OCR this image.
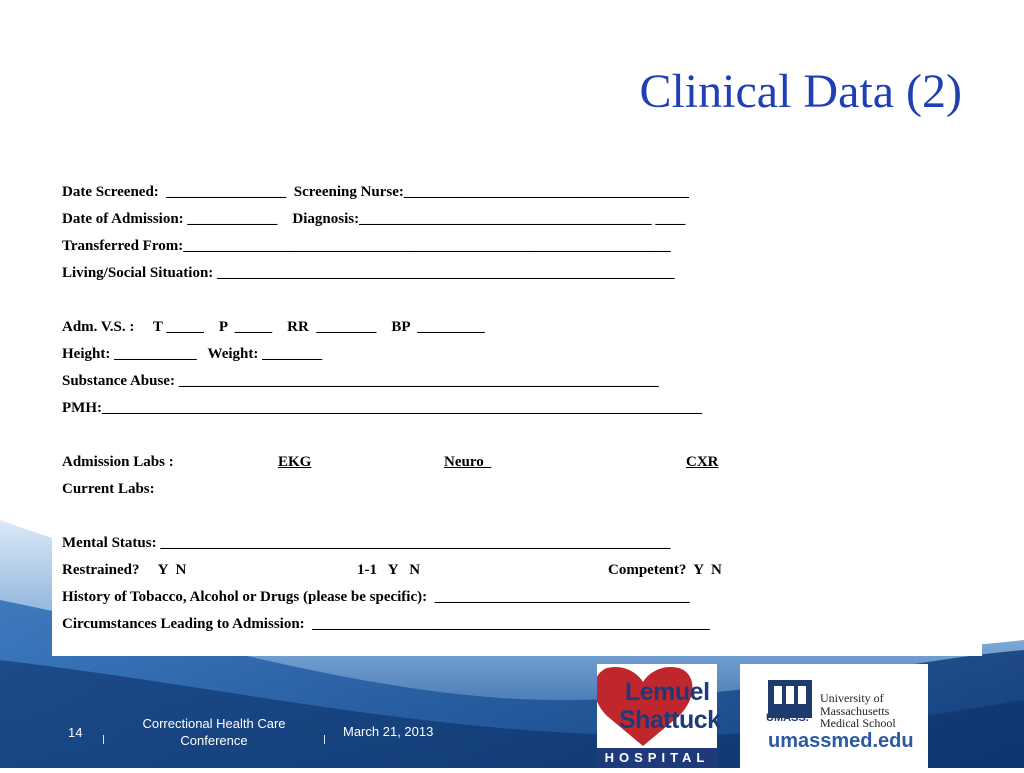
Clinical Data (2)
Date Screened:  ________________  Screening Nurse:______________________________________
Date of Admission: ____________    Diagnosis:_______________________________________ ____
Transferred From:_________________________________________________________________
Living/Social Situation: _____________________________________________________________
Adm. V.S. :     T _____    P  _____    RR  ________    BP  _________
Height: ___________   Weight: ________
Substance Abuse: ________________________________________________________________
PMH:________________________________________________________________________________
Admission Labs :	EKG	Neuro_	CXR
Current Labs:
Mental Status: ____________________________________________________________________
Restrained?     Y  N	1-1   Y   N	Competent?  Y  N
History of Tobacco, Alcohol or Drugs (please be specific):  __________________________________
Circumstances Leading to Admission:  _____________________________________________________
14
Correctional Health Care
Conference
March 21, 2013
Lemuel
Shattuck
HOSPITAL
UMASS.
University of
Massachusetts
Medical School
umassmed.edu
